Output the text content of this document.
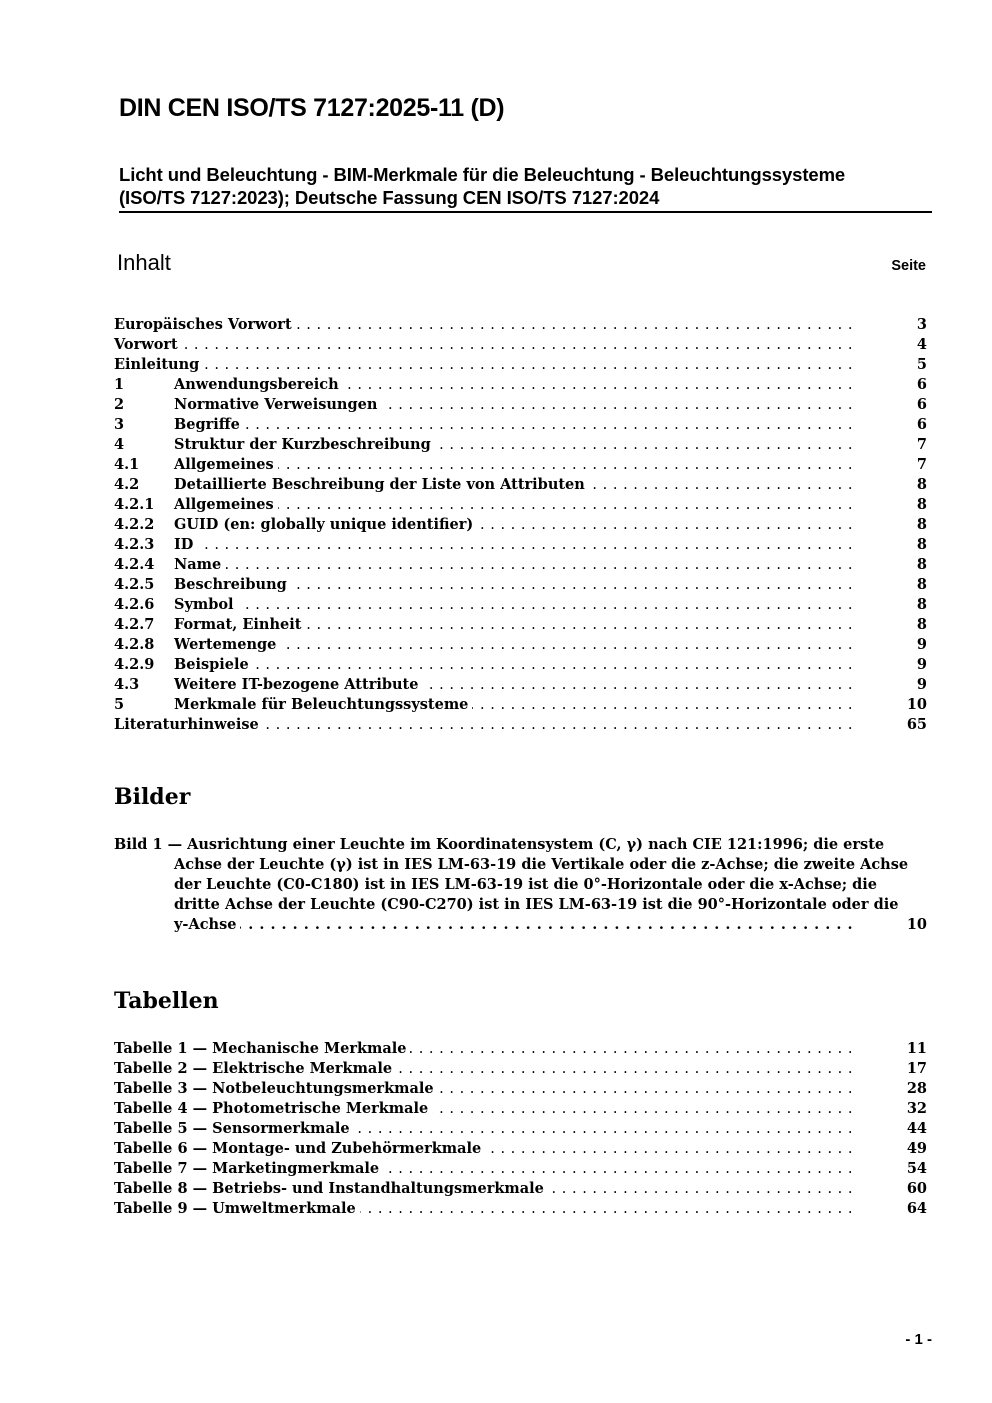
DIN CEN ISO/TS 7127:2025-11 (D)
Licht und Beleuchtung - BIM-Merkmale für die Beleuchtung - Beleuchtungssysteme
(ISO/TS 7127:2023); Deutsche Fassung CEN ISO/TS 7127:2024
Inhalt	Seite
Europäisches Vorwort . . .	3
Vorwort . . .	4
Einleitung . . .	5
1	Anwendungsbereich . . .	6
2	Normative Verweisungen . . .	6
3	Begriffe . . .	6
4	Struktur der Kurzbeschreibung . . .	7
4.1	Allgemeines . . .	7
4.2	Detaillierte Beschreibung der Liste von Attributen . . .	8
4.2.1	Allgemeines . . .	8
4.2.2	GUID (en: globally unique identifier) . . .	8
4.2.3	ID . . .	8
4.2.4	Name . . .	8
4.2.5	Beschreibung . . .	8
4.2.6	Symbol . . .	8
4.2.7	Format, Einheit . . .	8
4.2.8	Wertemenge . . .	9
4.2.9	Beispiele . . .	9
4.3	Weitere IT-bezogene Attribute . . .	9
5	Merkmale für Beleuchtungssysteme . . .	10
Literaturhinweise . . .	65
Bilder
Bild 1 — Ausrichtung einer Leuchte im Koordinatensystem (C, γ) nach CIE 121:1996; die erste
Achse der Leuchte (γ) ist in IES LM-63-19 die Vertikale oder die z-Achse; die zweite Achse
der Leuchte (C0-C180) ist in IES LM-63-19 ist die 0°-Horizontale oder die x-Achse; die
dritte Achse der Leuchte (C90-C270) ist in IES LM-63-19 ist die 90°-Horizontale oder die
y-Achse . . .	10
Tabellen
Tabelle 1 — Mechanische Merkmale . . .	11
Tabelle 2 — Elektrische Merkmale . . .	17
Tabelle 3 — Notbeleuchtungsmerkmale . . .	28
Tabelle 4 — Photometrische Merkmale . . .	32
Tabelle 5 — Sensormerkmale . . .	44
Tabelle 6 — Montage- und Zubehörmerkmale . . .	49
Tabelle 7 — Marketingmerkmale . . .	54
Tabelle 8 — Betriebs- und Instandhaltungsmerkmale . . .	60
Tabelle 9 — Umweltmerkmale . . .	64
- 1 -
